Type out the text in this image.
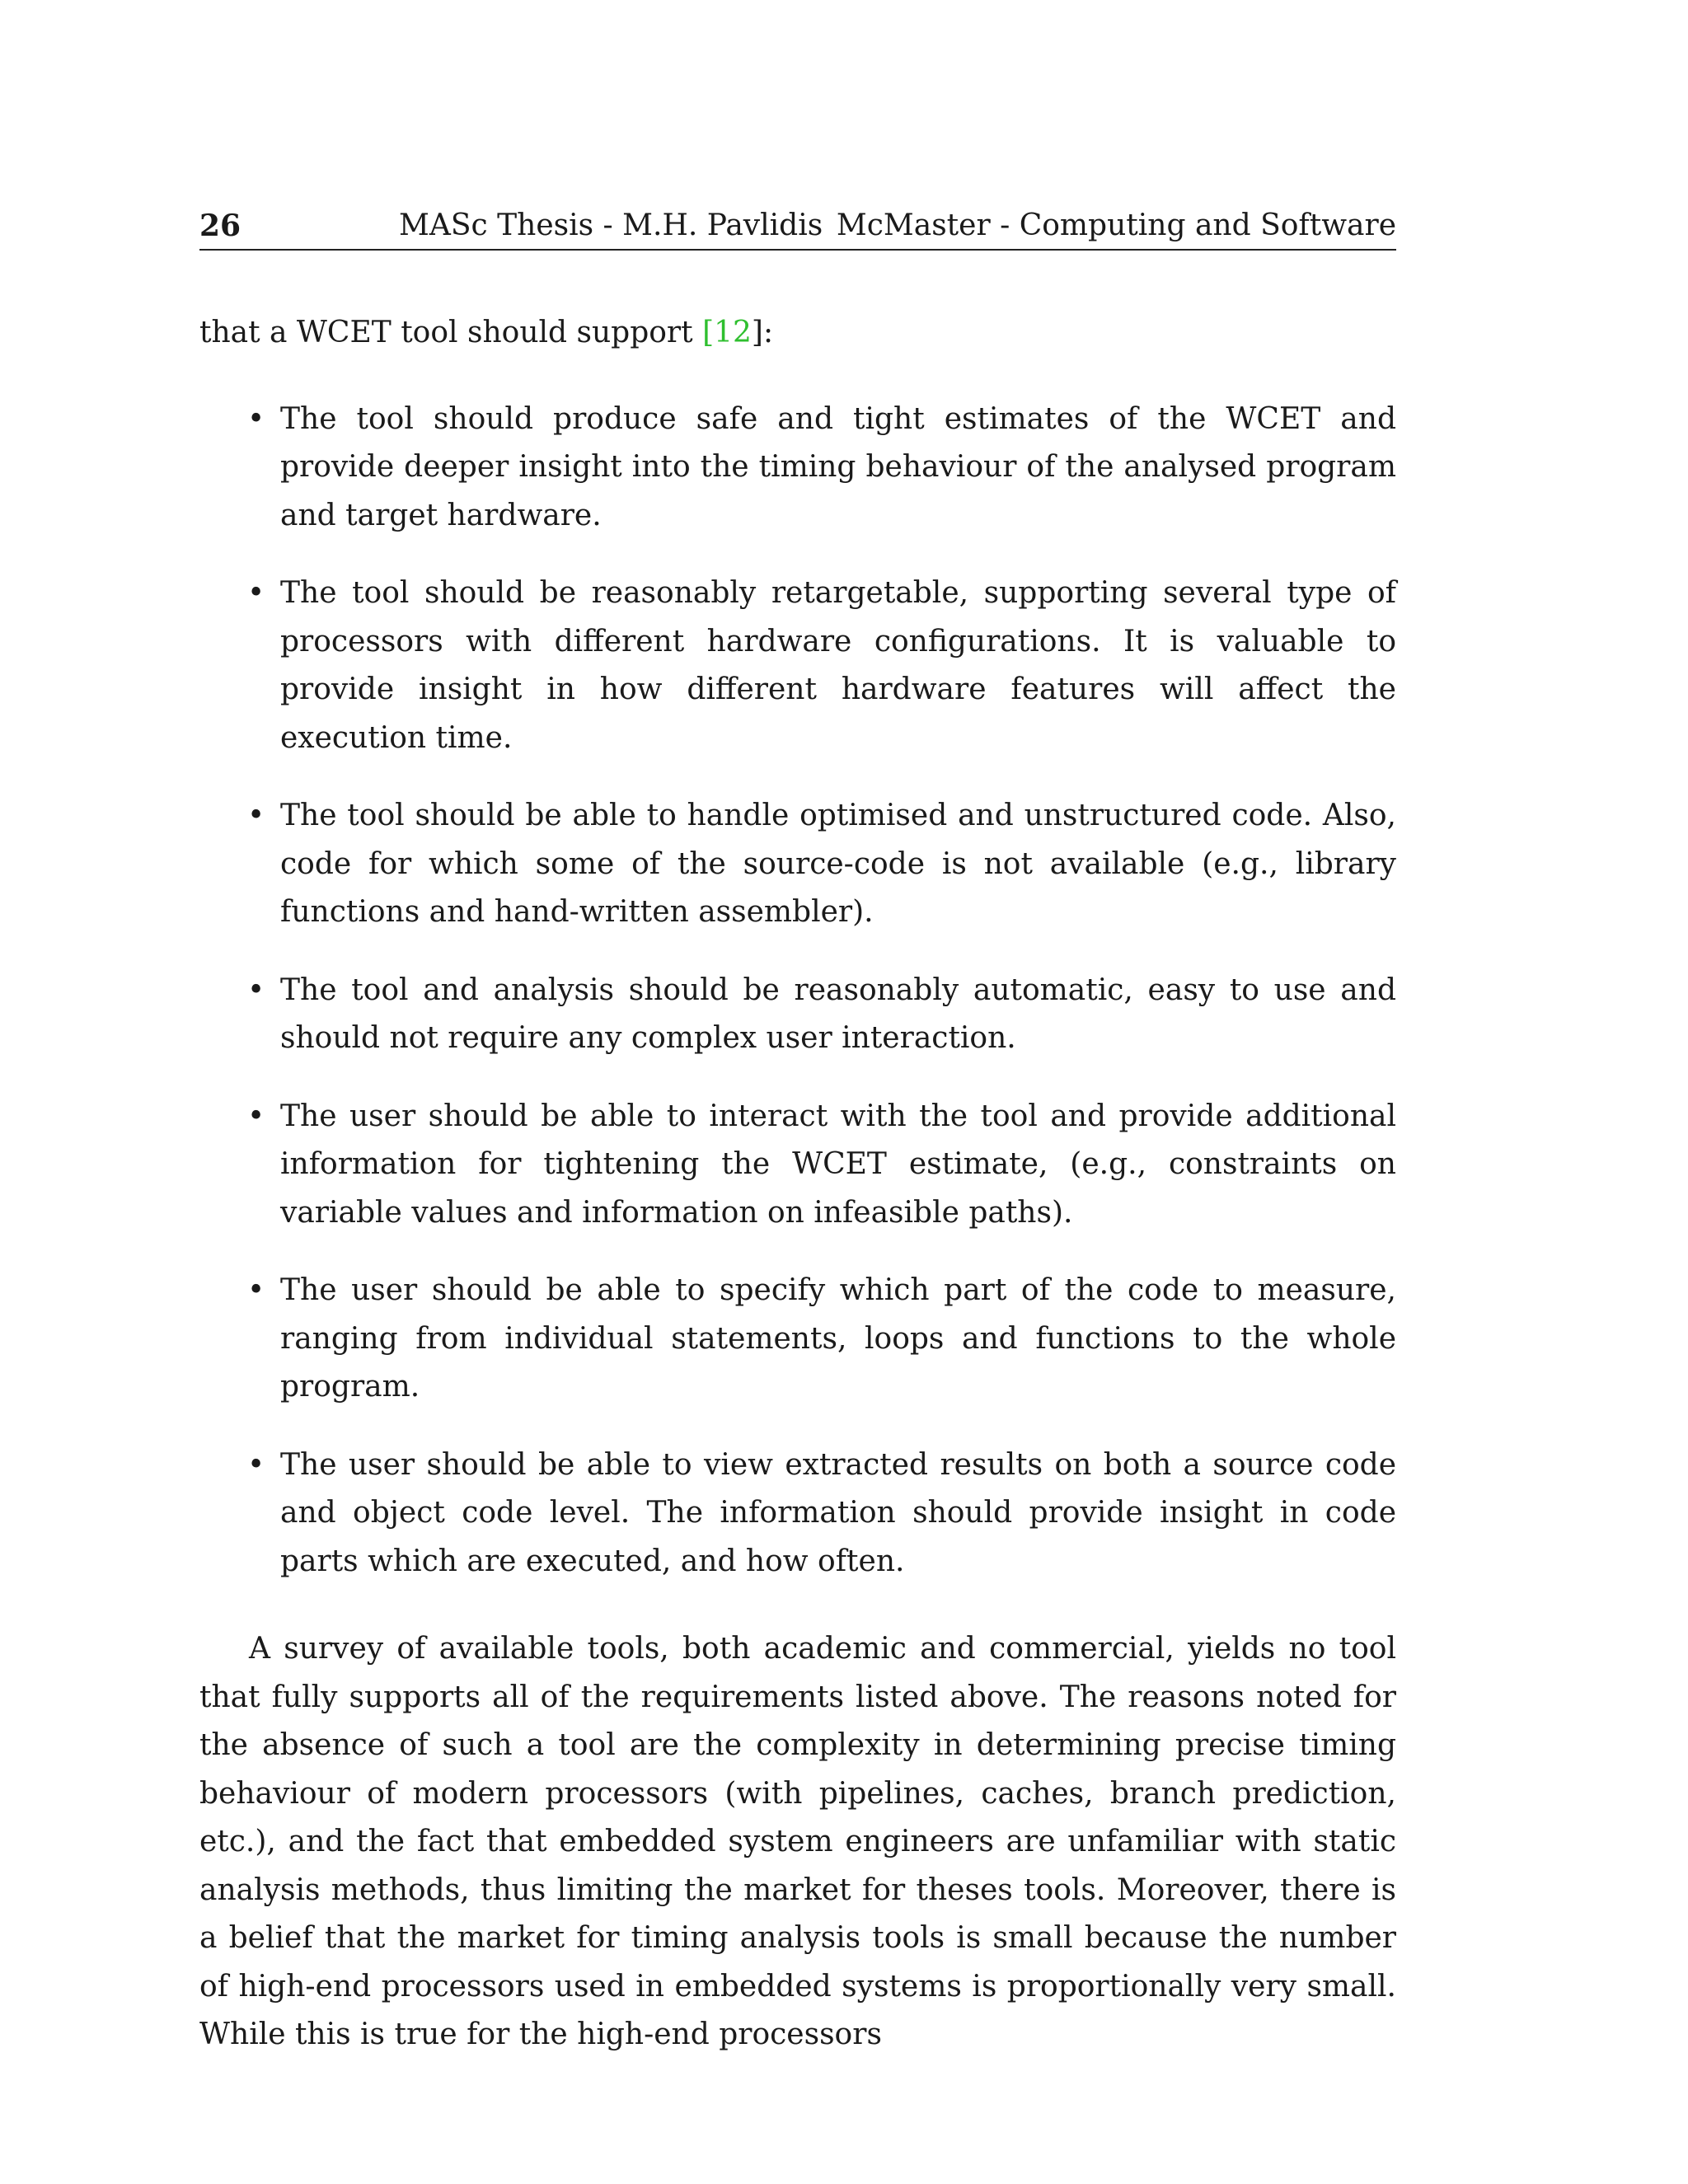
26	MASc Thesis - M.H. Pavlidis McMaster - Computing and Software

that a WCET tool should support [12]:

• The tool should produce safe and tight estimates of the WCET and provide deeper insight into the timing behaviour of the analysed program and target hardware.
• The tool should be reasonably retargetable, supporting several type of processors with different hardware configurations. It is valuable to provide insight in how different hardware features will affect the execution time.
• The tool should be able to handle optimised and unstructured code. Also, code for which some of the source-code is not available (e.g., library functions and hand-written assembler).
• The tool and analysis should be reasonably automatic, easy to use and should not require any complex user interaction.
• The user should be able to interact with the tool and provide additional information for tightening the WCET estimate, (e.g., constraints on variable values and information on infeasible paths).
• The user should be able to specify which part of the code to measure, ranging from individual statements, loops and functions to the whole program.
• The user should be able to view extracted results on both a source code and object code level. The information should provide insight in code parts which are executed, and how often.

A survey of available tools, both academic and commercial, yields no tool that fully supports all of the requirements listed above. The reasons noted for the absence of such a tool are the complexity in determining precise timing behaviour of modern processors (with pipelines, caches, branch prediction, etc.), and the fact that embedded system engineers are unfamiliar with static analysis methods, thus limiting the market for theses tools. Moreover, there is a belief that the market for timing analysis tools is small because the number of high-end processors used in embedded systems is proportionally very small. While this is true for the high-end processors
